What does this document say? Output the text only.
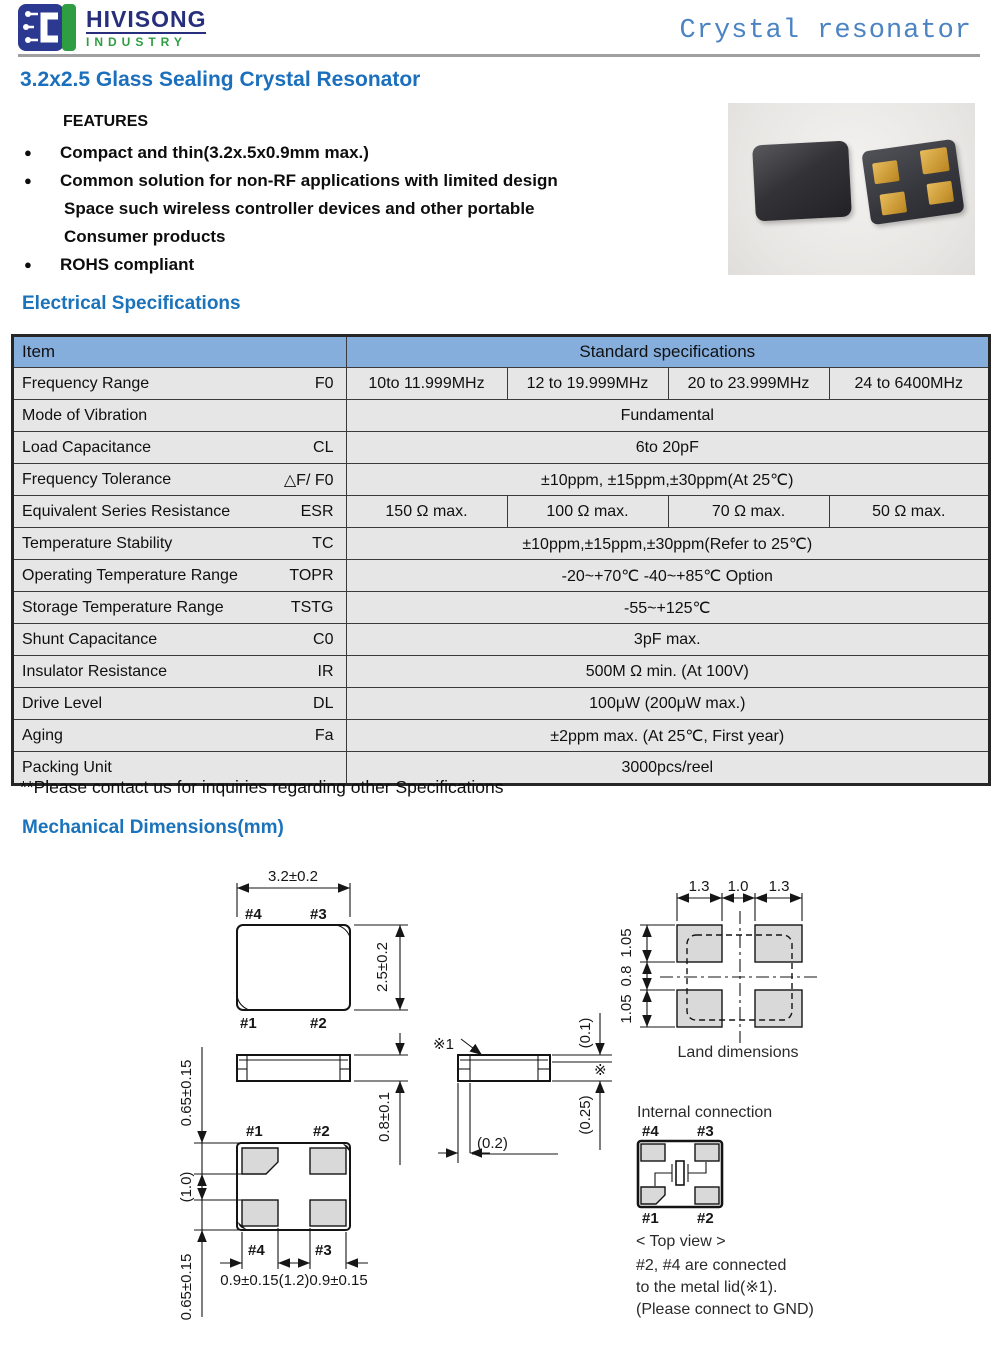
HIVISONG
INDUSTRY	Crystal resonator
3.2x2.5 Glass Sealing Crystal Resonator
FEATURES
●	Compact and thin(3.2x.5x0.9mm max.)
●	Common solution for non-RF applications with limited design
Space such wireless controller devices and other portable
Consumer products
●	ROHS compliant
Electrical Specifications
Item	Standard specifications			

Frequency Range F0	10to 11.999MHz	12 to 19.999MHz	20 to 23.999MHz	24 to 6400MHz

Mode of Vibration	Fundamental			

Load Capacitance CL	6to 20pF			

Frequency Tolerance △F/ F0	±10ppm, ±15ppm,±30ppm(At 25℃)			

Equivalent Series Resistance ESR	150 Ω max.	100 Ω max.	70 Ω max.	50 Ω max.

Temperature Stability TC	±10ppm,±15ppm,±30ppm(Refer to 25℃)			

Operating Temperature Range TOPR	-20~+70℃ -40~+85℃ Option			

Storage Temperature Range TSTG	-55~+125℃			

Shunt Capacitance C0	3pF max.			

Insulator Resistance IR	500M Ω min. (At 100V)			

Drive Level DL	100μW (200μW max.)			

Aging Fa	±2ppm max. (At 25℃, First year)			

Packing Unit	3000pcs/reel			
**Please contact us for inquiries regarding other Specifications
Mechanical Dimensions(mm)
3.2±0.2
#4	#3
#1	#2
2.5±0.2
0.8±0.1
#1	#2
#4	#3
0.65±0.15
(1.0)
0.65±0.15 0.9±0.15(1.2)0.9±0.15
※1
(0.2)
(0.1)
(0.25)
※
1.3 1.0 1.3
1.05
0.8
1.05
Land dimensions
Internal connection
#4	#3
#1	#2
< Top view >
#2, #4 are connected
to the metal lid(※1).
(Please connect to GND)
